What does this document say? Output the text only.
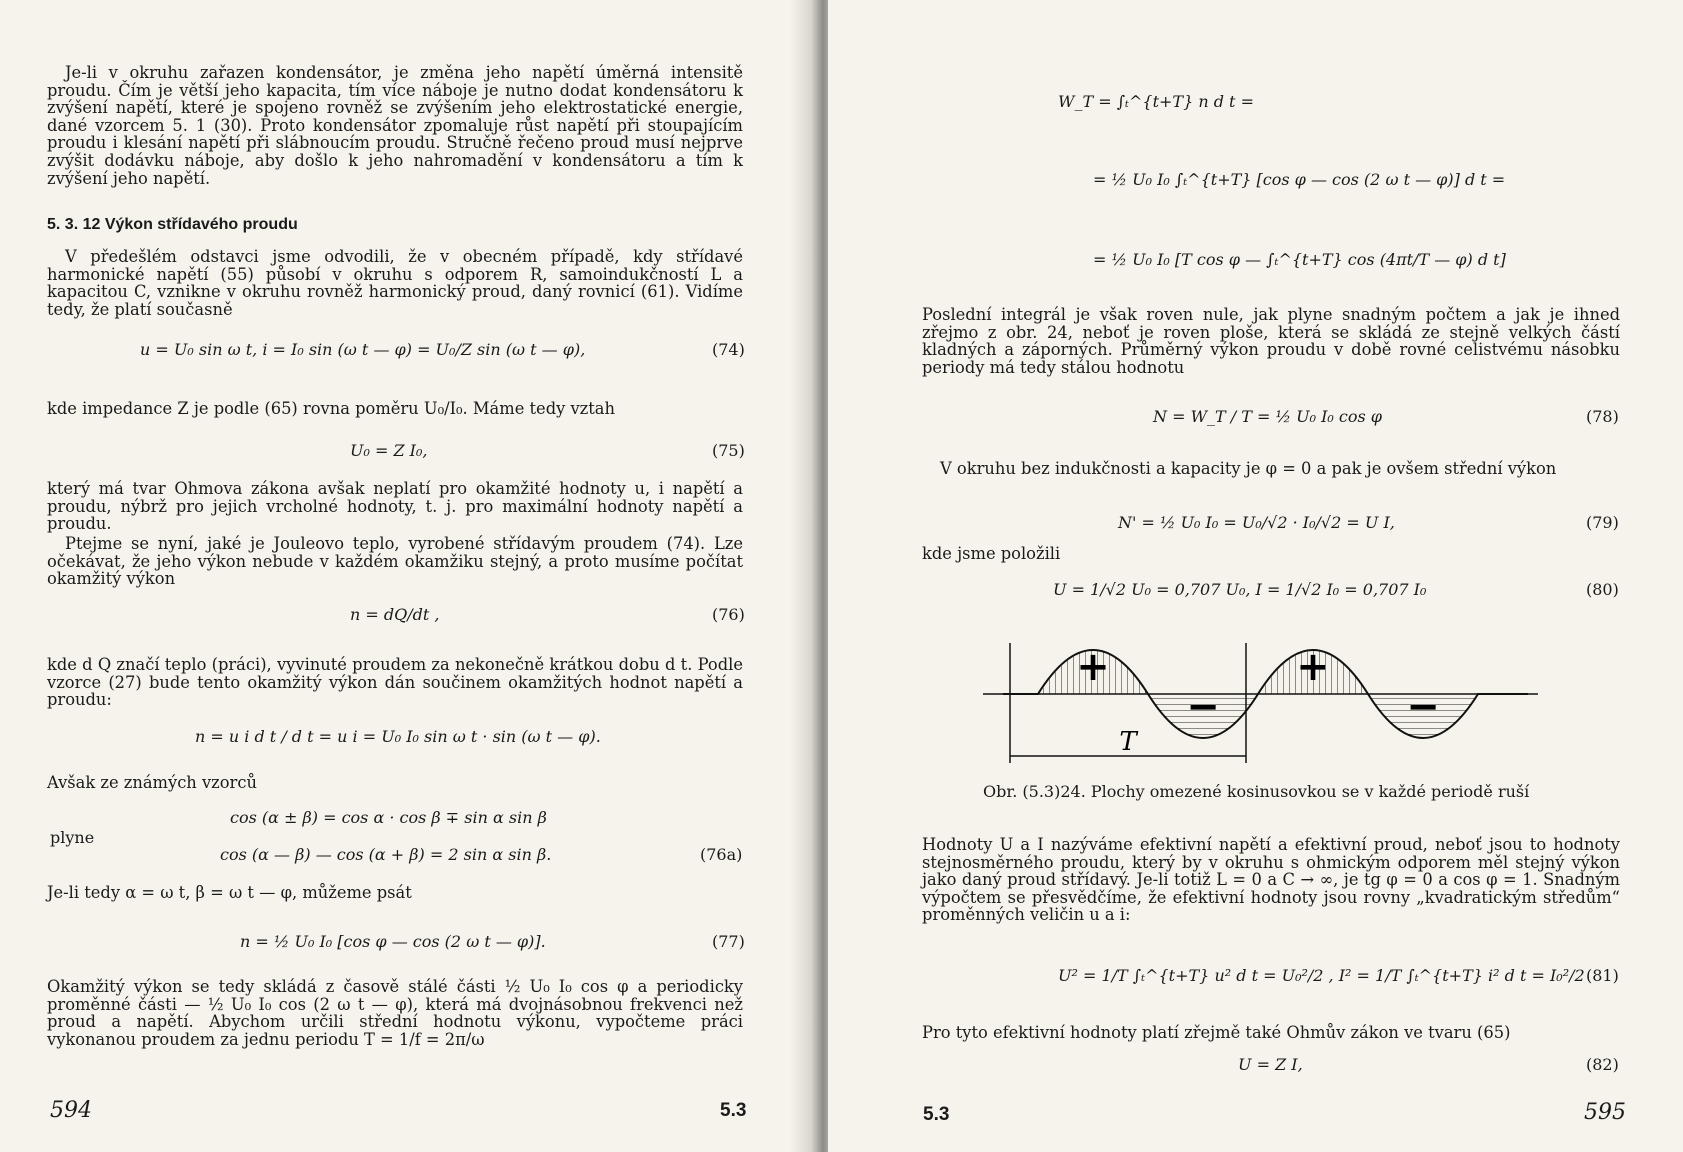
Je-li v okruhu zařazen kondensátor, je změna jeho napětí úměrná intensitě proudu. Čím je větší jeho kapacita, tím více náboje je nutno dodat kondensátoru k zvýšení napětí, které je spojeno rovněž se zvýšením jeho elektrostatické energie, dané vzorcem 5. 1 (30). Proto kondensátor zpomaluje růst napětí při stoupajícím proudu i klesání napětí při slábnoucím proudu. Stručně řečeno proud musí nejprve zvýšit dodávku náboje, aby došlo k jeho nahromadění v kondensátoru a tím k zvýšení jeho napětí.

5. 3. 12 Výkon střídavého proudu

V předešlém odstavci jsme odvodili, že v obecném případě, kdy střídavé harmonické napětí (55) působí v okruhu s odporem R, samoindukčností L a kapacitou C, vznikne v okruhu rovněž harmonický proud, daný rovnicí (61). Vidíme tedy, že platí současně

u = U₀ sin ω t, i = I₀ sin (ω t — φ) = U₀/Z sin (ω t — φ),	(74)

kde impedance Z je podle (65) rovna poměru U₀/I₀. Máme tedy vztah

U₀ = Z I₀,	(75)

který má tvar Ohmova zákona avšak neplatí pro okamžité hodnoty u, i napětí a proudu, nýbrž pro jejich vrcholné hodnoty, t. j. pro maximální hodnoty napětí a proudu.

Ptejme se nyní, jaké je Jouleovo teplo, vyrobené střídavým proudem (74). Lze očekávat, že jeho výkon nebude v každém okamžiku stejný, a proto musíme počítat okamžitý výkon

n = dQ/dt ,	(76)

kde d Q značí teplo (práci), vyvinuté proudem za nekonečně krátkou dobu d t. Podle vzorce (27) bude tento okamžitý výkon dán součinem okamžitých hodnot napětí a proudu:

n = u i d t / d t = u i = U₀ I₀ sin ω t · sin (ω t — φ).

Avšak ze známých vzorců

cos (α ± β) = cos α · cos β ∓ sin α sin β
plyne
cos (α — β) — cos (α + β) = 2 sin α sin β.	(76a)

Je-li tedy α = ω t, β = ω t — φ, můžeme psát

n = ½ U₀ I₀ [cos φ — cos (2 ω t — φ)].	(77)

Okamžitý výkon se tedy skládá z časově stálé části ½ U₀ I₀ cos φ a periodicky proměnné části — ½ U₀ I₀ cos (2 ω t — φ), která má dvojnásobnou frekvenci než proud a napětí. Abychom určili střední hodnotu výkonu, vypočteme práci vykonanou proudem za jednu periodu T = 1/f = 2π/ω

594	5.3
W_T = ∫ₜ^{t+T} n d t =
= ½ U₀ I₀ ∫ₜ^{t+T} [cos φ — cos (2 ω t — φ)] d t =
= ½ U₀ I₀ [T cos φ — ∫ₜ^{t+T} cos (4πt/T — φ) d t]

Poslední integrál je však roven nule, jak plyne snadným počtem a jak je ihned zřejmo z obr. 24, neboť je roven ploše, která se skládá ze stejně velkých částí kladných a záporných. Průměrný výkon proudu v době rovné celistvému násobku periody má tedy stálou hodnotu

N = W_T / T = ½ U₀ I₀ cos φ	(78)

V okruhu bez indukčnosti a kapacity je φ = 0 a pak je ovšem střední výkon

N' = ½ U₀ I₀ = U₀/√2 · I₀/√2 = U I,	(79)

kde jsme položili

U = 1/√2 U₀ = 0,707 U₀, I = 1/√2 I₀ = 0,707 I₀	(80)
+	+
−	−
T
Obr. (5.3)24. Plochy omezené kosinusovkou se v každé periodě ruší

Hodnoty U a I nazýváme efektivní napětí a efektivní proud, neboť jsou to hodnoty stejnosměrného proudu, který by v okruhu s ohmickým odporem měl stejný výkon jako daný proud střídavý. Je-li totiž L = 0 a C → ∞, je tg φ = 0 a cos φ = 1. Snadným výpočtem se přesvědčíme, že efektivní hodnoty jsou rovny „kvadratickým středům“ proměnných veličin u a i:

U² = 1/T ∫ₜ^{t+T} u² d t = U₀²/2 , I² = 1/T ∫ₜ^{t+T} i² d t = I₀²/2 (81)

Pro tyto efektivní hodnoty platí zřejmě také Ohmův zákon ve tvaru (65)

U = Z I,	(82)
5.3	595
